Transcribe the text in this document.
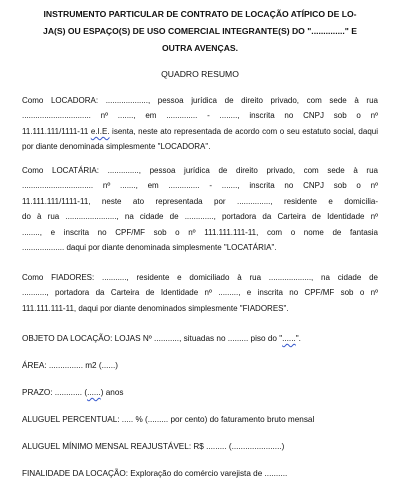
INSTRUMENTO PARTICULAR DE CONTRATO DE LOCAÇÃO ATÍPICO DE LO-
JA(S) OU ESPAÇO(S) DE USO COMERCIAL INTEGRANTE(S) DO ".............." E
OUTRA AVENÇAS.
QUADRO RESUMO
Como LOCADORA: ..................., pessoa jurídica de direito privado, com sede à rua
............................... nº ......., em .............. - ........, inscrita no CNPJ sob o nº
11.111.111/1111-11 e.I.E. isenta, neste ato representada de acordo com o seu estatuto social, daqui por diante denominada simplesmente "LOCADORA".
Como LOCATÁRIA: .............., pessoa jurídica de direito privado, com sede à rua
................................ nº ......., em .............. - ......., inscrita no CNPJ sob o nº
11.111.111/1111-11, neste ato representada por ..............., residente e domicilia-
do à rua ......................., na cidade de ............., portadora da Carteira de Identidade nº
........, e inscrita no CPF/MF sob o nº 111.111.111-11, com o nome de fantasia
................... daqui por diante denominada simplesmente "LOCATÁRIA".
Como FIADORES: ..........., residente e domiciliado à rua ..................., na cidade de
..........., portadora da Carteira de Identidade nº ........., e inscrita no CPF/MF sob o nº
111.111.111-11, daqui por diante denominados simplesmente "FIADORES".
OBJETO DA LOCAÇÃO: LOJAS Nº ..........., situadas no ......... piso do "......".
ÁREA: ............... m2 (......)
PRAZO: ............ (......) anos
ALUGUEL PERCENTUAL: ..... % (......... por cento) do faturamento bruto mensal
ALUGUEL MÍNIMO MENSAL REAJUSTÁVEL: R$ ......... (......................)
FINALIDADE DA LOCAÇÃO: Exploração do comércio varejista de ..........
